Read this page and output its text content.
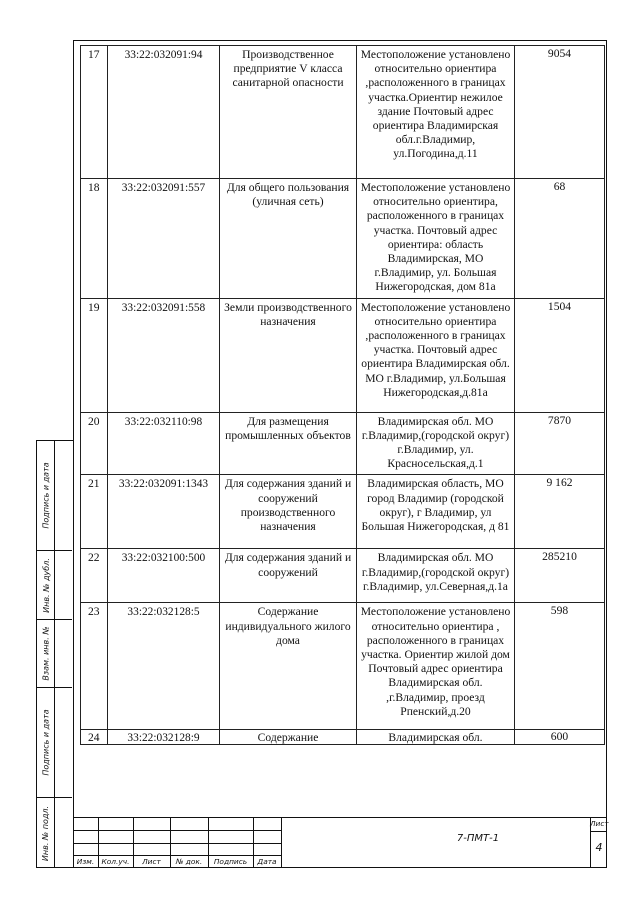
17	33:22:032091:94	Производственное предприятие V класса санитарной опасности	Местоположение установлено относительно ориентира ,расположенного в границах участка.Ориентир нежилое здание Почтовый адрес ориентира Владимирская обл.г.Владимир, ул.Погодина,д.11	9054
18	33:22:032091:557	Для общего пользования (уличная сеть)	Местоположение установлено относительно ориентира, расположенного в границах участка. Почтовый адрес ориентира: область Владимирская, МО г.Владимир, ул. Большая Нижегородская, дом 81а	68
19	33:22:032091:558	Земли производственного назначения	Местоположение установлено относительно ориентира ,расположенного в границах участка. Почтовый адрес ориентира Владимирская обл. МО г.Владимир, ул.Большая Нижегородская,д.81а	1504
20	33:22:032110:98	Для размещения промышленных объектов	Владимирская обл. МО г.Владимир,(городской округ) г.Владимир, ул. Красносельская,д.1	7870
21	33:22:032091:1343	Для содержания зданий и сооружений производственного назначения	Владимирская область, МО город Владимир (городской округ), г Владимир, ул Большая Нижегородская, д 81	9 162
22	33:22:032100:500	Для содержания зданий и сооружений	Владимирская обл. МО г.Владимир,(городской округ) г.Владимир, ул.Северная,д.1а	285210
23	33:22:032128:5	Содержание индивидуального жилого дома	Местоположение установлено относительно ориентира , расположенного в границах участка. Ориентир жилой дом Почтовый адрес ориентира Владимирская обл. ,г.Владимир, проезд Рпенский,д.20	598
24	33:22:032128:9	Содержание	Владимирская обл.	600
Подпись и дата
Инв. № дубл.
Взам. инв. №
Подпись и дата
Инв. № подл.
Изм. Кол.уч.	Лист	№ док.	Подпись	Дата
7-ПМТ-1
Лист
4
